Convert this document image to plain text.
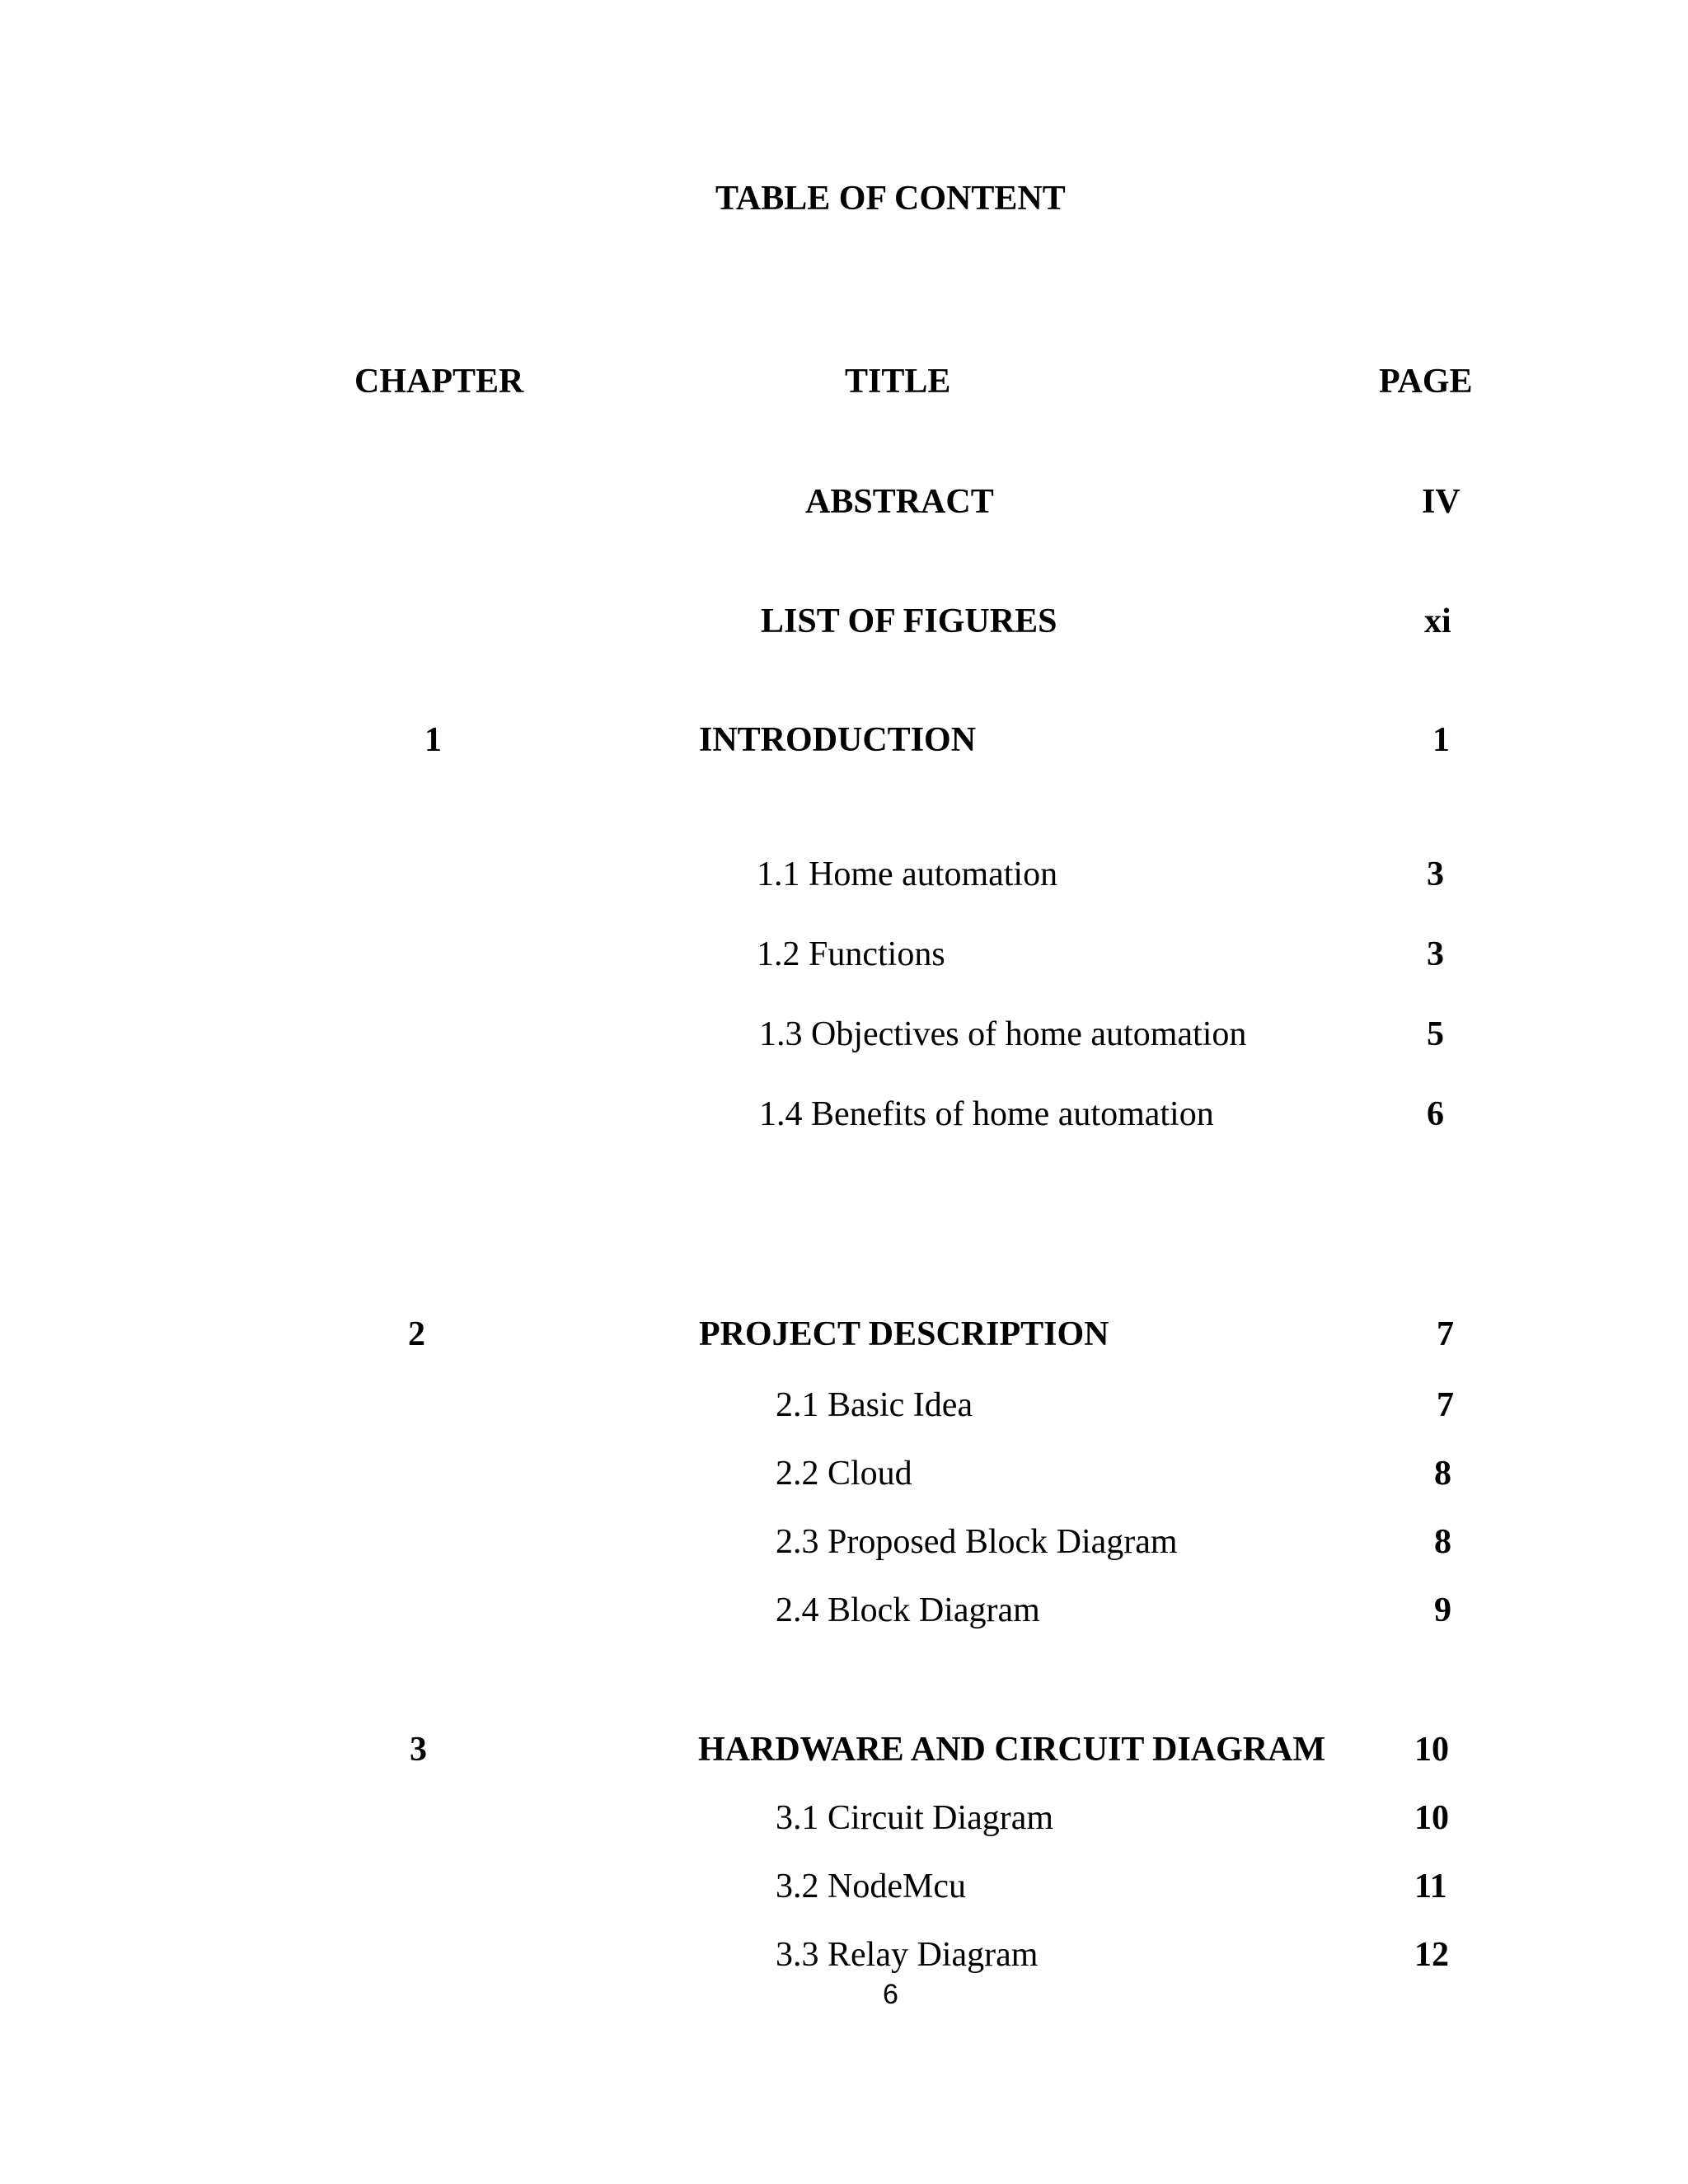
TABLE OF CONTENT
CHAPTER	TITLE	PAGE
ABSTRACT	IV
LIST OF FIGURES	xi
1	INTRODUCTION	1
1.1 Home automation	3
1.2 Functions	3
1.3 Objectives of home automation	5
1.4 Benefits of home automation	6
2	PROJECT DESCRIPTION	7
2.1 Basic Idea	7
2.2 Cloud	8
2.3 Proposed Block Diagram	8
2.4 Block Diagram	9
3	HARDWARE AND CIRCUIT DIAGRAM	10
3.1 Circuit Diagram	10
3.2 NodeMcu	11
3.3 Relay Diagram	12
6
